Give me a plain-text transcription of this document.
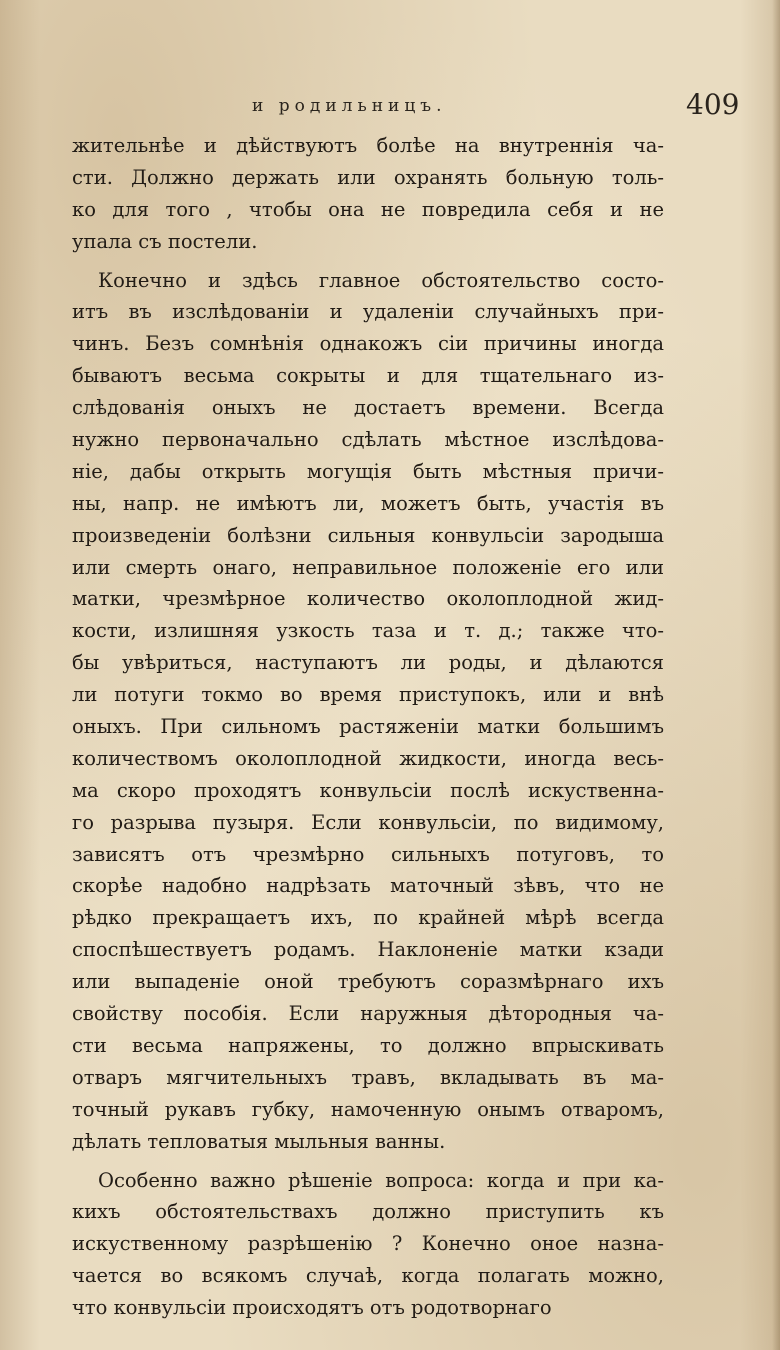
и родильницъ.	409
жительнѣе и дѣйствуютъ болѣе на внутреннія ча-
сти. Должно держать или охранять больную толь-
ко для того , чтобы она не повредила себя и не
упала съ постели.
Конечно и здѣсь главное обстоятельство состо-
итъ въ изслѣдованіи и удаленіи случайныхъ при-
чинъ. Безъ сомнѣнія однакожъ сіи причины иногда
бываютъ весьма сокрыты и для тщательнаго из-
слѣдованія оныхъ не достаетъ времени. Всегда
нужно первоначально сдѣлать мѣстное изслѣдова-
ніе, дабы открыть могущія быть мѣстныя причи-
ны, напр. не имѣютъ ли, можетъ быть, участія въ
произведеніи болѣзни сильныя конвульсіи зародыша
или смерть онаго, неправильное положеніе его или
матки, чрезмѣрное количество околоплодной жид-
кости, излишняя узкость таза и т. д.; также что-
бы увѣриться, наступаютъ ли роды, и дѣлаются
ли потуги токмо во время приступокъ, или и внѣ
оныхъ. При сильномъ растяженіи матки большимъ
количествомъ околоплодной жидкости, иногда весь-
ма скоро проходятъ конвульсіи послѣ искуственна-
го разрыва пузыря. Если конвульсіи, по видимому,
зависятъ отъ чрезмѣрно сильныхъ потуговъ, то
скорѣе надобно надрѣзать маточный зѣвъ, что не
рѣдко прекращаетъ ихъ, по крайней мѣрѣ всегда
споспѣшествуетъ родамъ. Наклоненіе матки кзади
или выпаденіе оной требуютъ соразмѣрнаго ихъ
свойству пособія. Если наружныя дѣтородныя ча-
сти весьма напряжены, то должно впрыскивать
отваръ мягчительныхъ травъ, вкладывать въ ма-
точный рукавъ губку, намоченную онымъ отваромъ,
дѣлать тепловатыя мыльныя ванны.
Особенно важно рѣшеніе вопроса: когда и при ка-
кихъ обстоятельствахъ должно приступить къ
искуственному разрѣшенію ? Конечно оное назна-
чается во всякомъ случаѣ, когда полагать можно,
что конвульсіи происходятъ отъ родотворнаго
